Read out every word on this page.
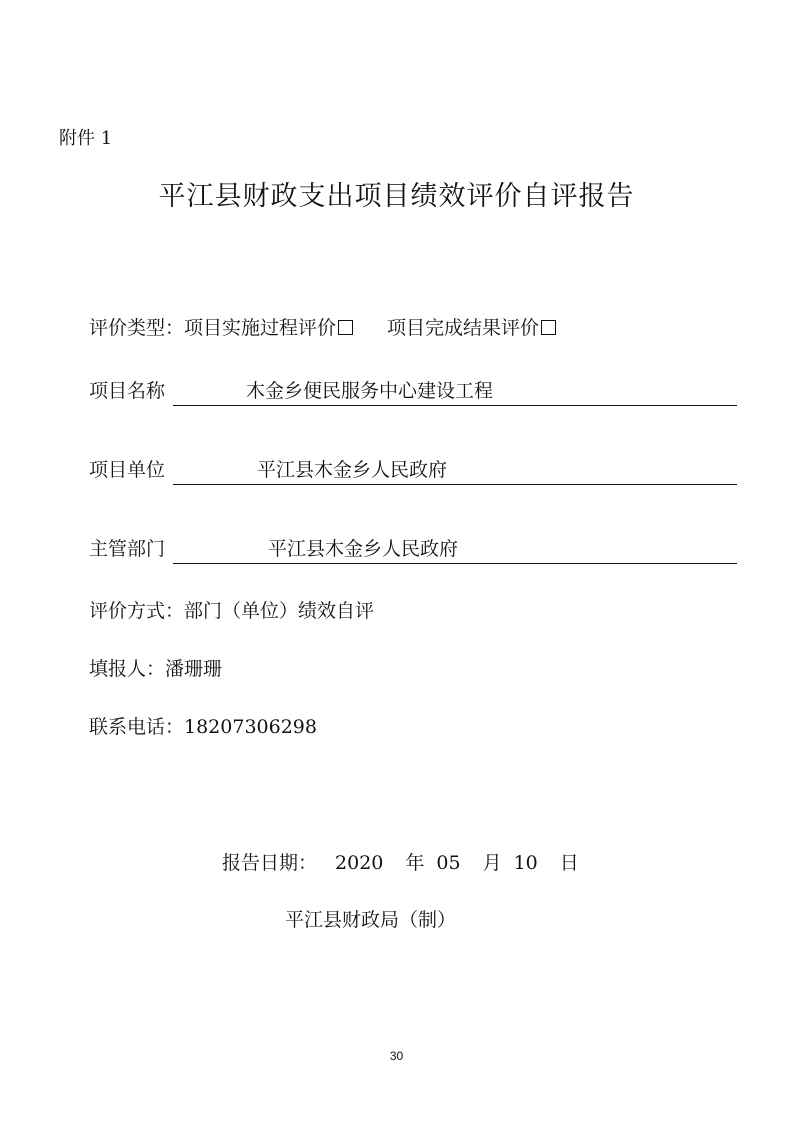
附件 1
平江县财政支出项目绩效评价自评报告
评价类型：项目实施过程评价	项目完成结果评价
项目名称	木金乡便民服务中心建设工程
项目单位	平江县木金乡人民政府
主管部门	平江县木金乡人民政府
评价方式：部门（单位）绩效自评
填报人：潘珊珊
联系电话：18207306298
报告日期： 2020 年 05 月 10 日
平江县财政局（制）
30
